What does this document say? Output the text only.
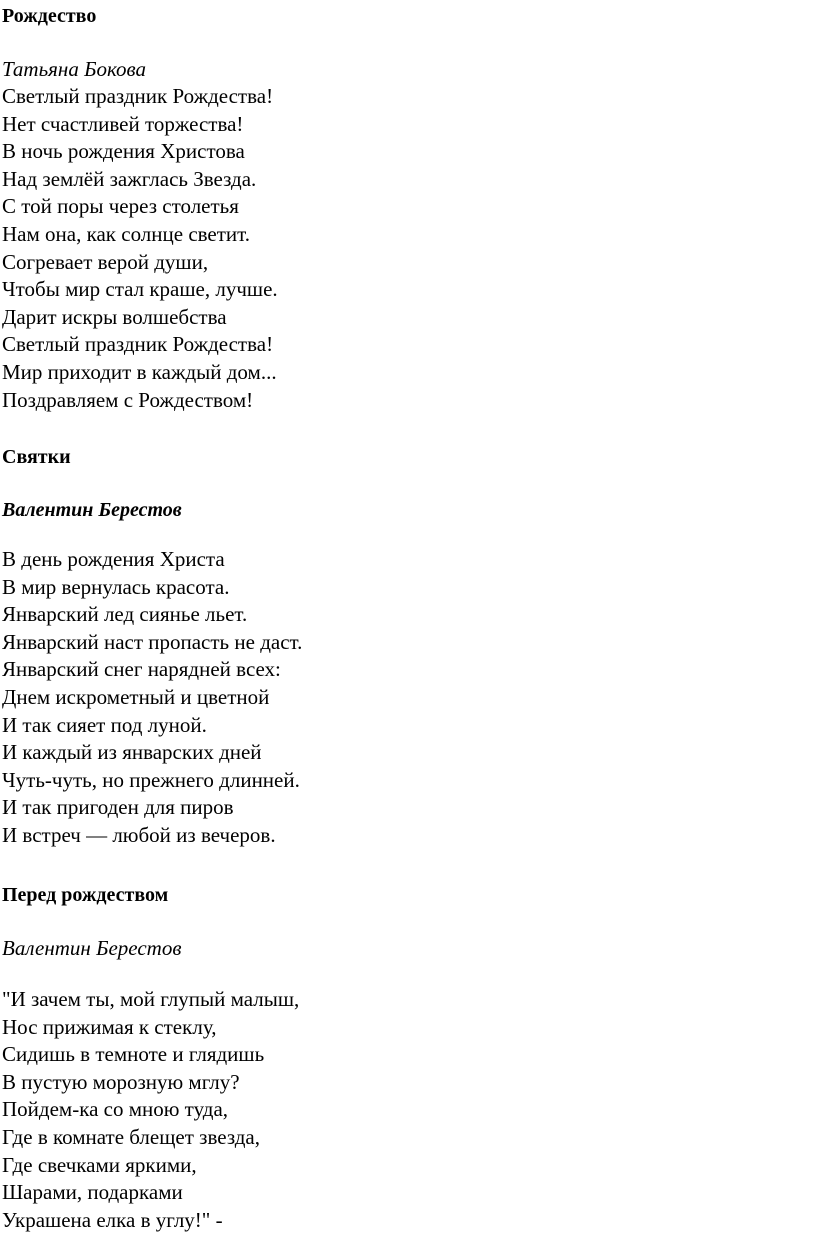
Рождество
Татьяна Бокова
Светлый праздник Рождества!
Нет счастливей торжества!
В ночь рождения Христова
Над землёй зажглась Звезда.
С той поры через столетья
Нам она, как солнце светит.
Согревает верой души,
Чтобы мир стал краше, лучше.
Дарит искры волшебства
Светлый праздник Рождества!
Мир приходит в каждый дом...
Поздравляем с Рождеством!
Святки
Валентин Берестов
В день рождения Христа
В мир вернулась красота.
Январский лед сиянье льет.
Январский наст пропасть не даст.
Январский снег нарядней всех:
Днем искрометный и цветной
И так сияет под луной.
И каждый из январских дней
Чуть-чуть, но прежнего длинней.
И так пригоден для пиров
И встреч — любой из вечеров.
Перед рождеством
Валентин Берестов
"И зачем ты, мой глупый малыш,
Нос прижимая к стеклу,
Сидишь в темноте и глядишь
В пустую морозную мглу?
Пойдем-ка со мною туда,
Где в комнате блещет звезда,
Где свечками яркими,
Шарами, подарками
Украшена елка в углу!" -
